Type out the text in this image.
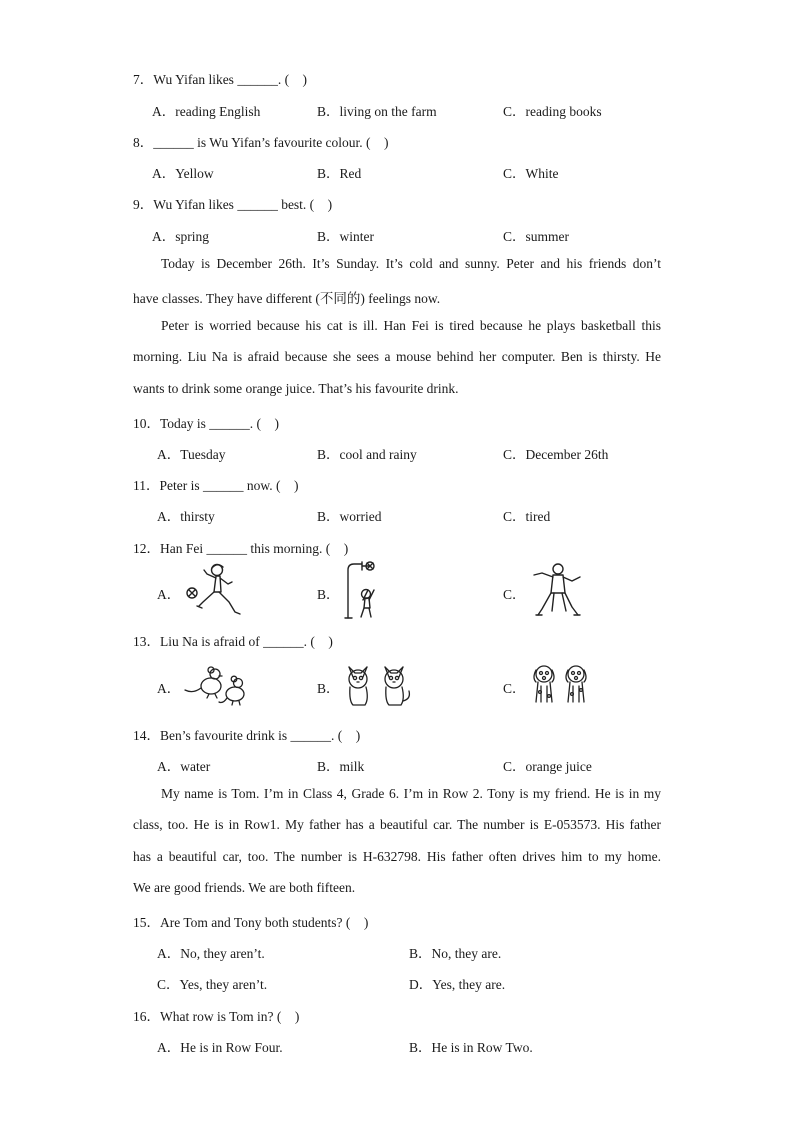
7．Wu Yifan likes ______. (    )
A．reading English	B．living on the farm	C．reading books
8．______ is Wu Yifan’s favourite colour. (    )
A．Yellow	B．Red	C．White
9．Wu Yifan likes ______ best. (    )
A．spring	B．winter	C．summer
Today is December 26th. It’s Sunday. It’s cold and sunny. Peter and his friends don’t
have classes. They have different (不同的) feelings now.
Peter is worried because his cat is ill. Han Fei is tired because he plays basketball this
morning. Liu Na is afraid because she sees a mouse behind her computer. Ben is thirsty. He
wants to drink some orange juice. That’s his favourite drink.
10．Today is ______. (    )
A．Tuesday	B．cool and rainy	C．December 26th
11．Peter is ______ now. (    )
A．thirsty	B．worried	C．tired
12．Han Fei ______ this morning. (    )
A．	B．	C．
13．Liu Na is afraid of ______. (    )
A．	B．	C．
14．Ben’s favourite drink is ______. (    )
A．water	B．milk	C．orange juice
My name is Tom. I’m in Class 4, Grade 6. I’m in Row 2. Tony is my friend. He is in my
class, too. He is in Row1. My father has a beautiful car. The number is E-053573. His father
has a beautiful car, too. The number is H-632798. His father often drives him to my home.
We are good friends. We are both fifteen.
15．Are Tom and Tony both students? (    )
A．No, they aren’t.	B．No, they are.
C．Yes, they aren’t.	D．Yes, they are.
16．What row is Tom in? (    )
A．He is in Row Four.	B．He is in Row Two.
